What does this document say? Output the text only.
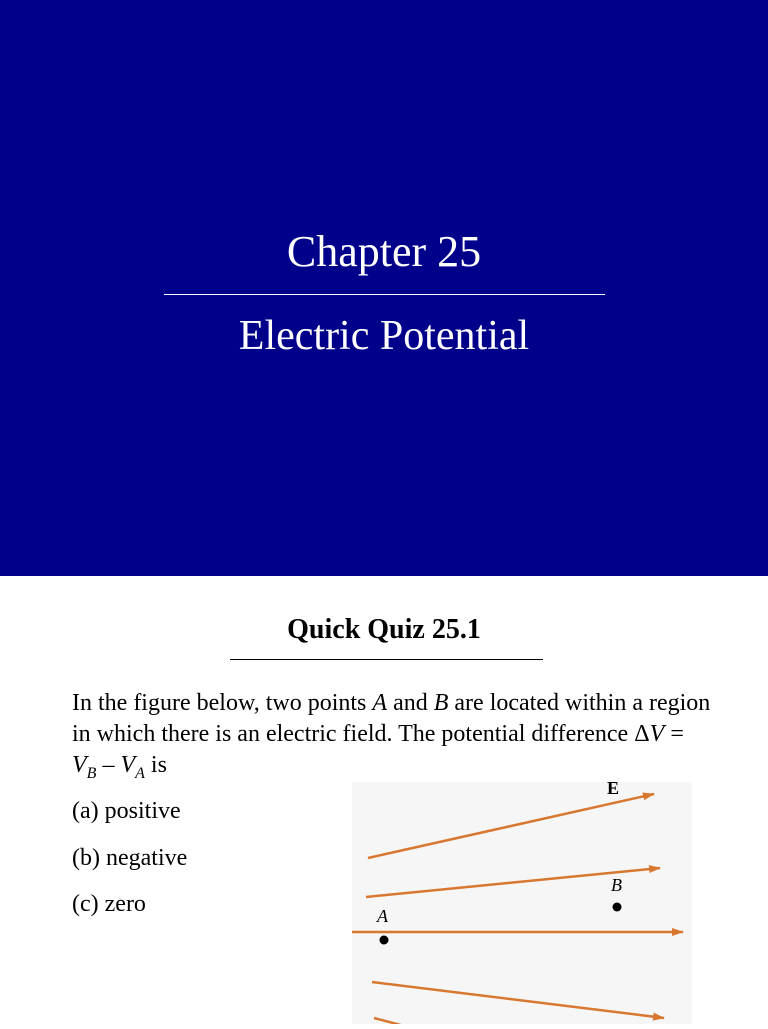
Chapter 25
Electric Potential
Quick Quiz 25.1
In the figure below, two points A and B are located within a region in which there is an electric field. The potential difference $\Delta V = V_B - V_A$ is
(a) positive
(b) negative
(c) zero
E
A
B
